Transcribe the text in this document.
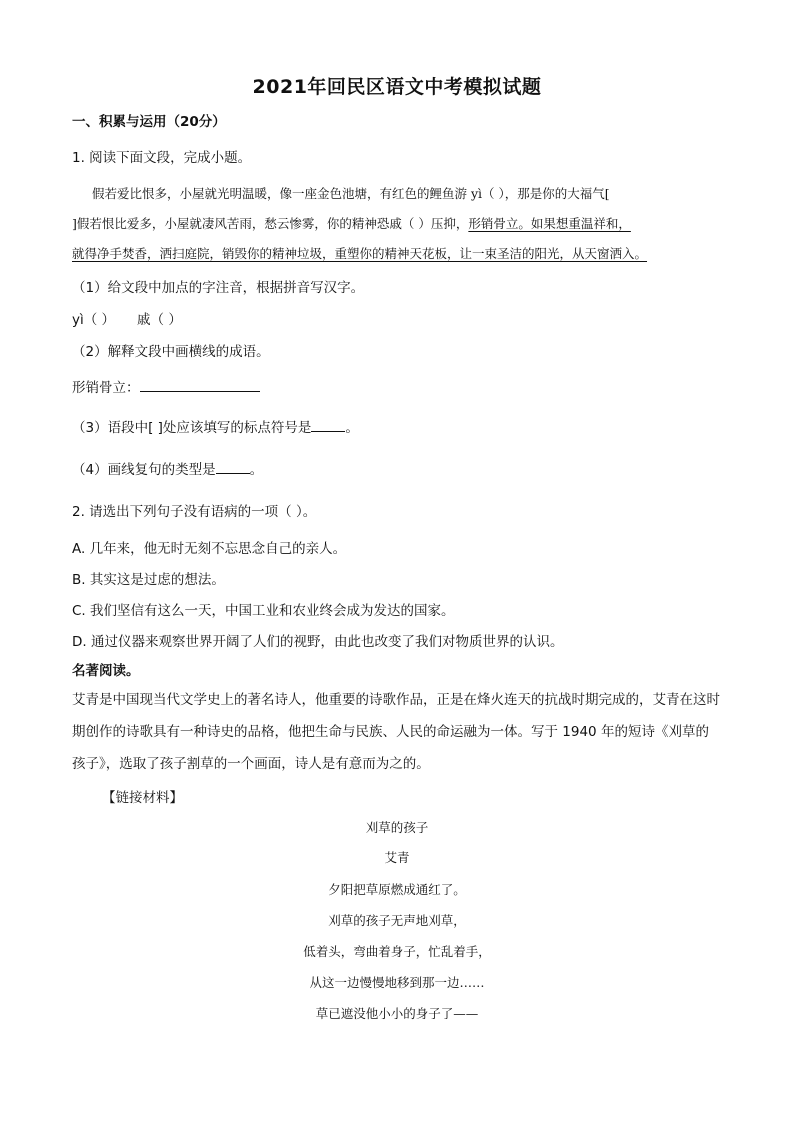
2021年回民区语文中考模拟试题
一、积累与运用（20分）
1. 阅读下面文段，完成小题。
假若爱比恨多，小屋就光明温暖，像一座金色池塘，有红色的鲤鱼游 yì（ ），那是你的大福气[
]假若恨比爱多，小屋就凄风苦雨，愁云惨雾，你的精神恐戚（ ）压抑，形销骨立。如果想重温祥和，
就得净手焚香，洒扫庭院，销毁你的精神垃圾，重塑你的精神天花板，让一束圣洁的阳光，从天窗洒入。
（1）给文段中加点的字注音，根据拼音写汉字。
yì（ ） 戚（ ）
（2）解释文段中画横线的成语。
形销骨立：
（3）语段中[ ]处应该填写的标点符号是	。
（4）画线复句的类型是	。
2. 请选出下列句子没有语病的一项（ ）。
A. 几年来，他无时无刻不忘思念自己的亲人。
B. 其实这是过虑的想法。
C. 我们坚信有这么一天，中国工业和农业终会成为发达的国家。
D. 通过仪器来观察世界开阔了人们的视野，由此也改变了我们对物质世界的认识。
名著阅读。
艾青是中国现当代文学史上的著名诗人，他重要的诗歌作品，正是在烽火连天的抗战时期完成的，艾青在这时期创作的诗歌具有一种诗史的品格，他把生命与民族、人民的命运融为一体。写于 1940 年的短诗《刈草的孩子》，选取了孩子割草的一个画面，诗人是有意而为之的。
【链接材料】
刈草的孩子
艾青
夕阳把草原燃成通红了。
刈草的孩子无声地刈草，
低着头，弯曲着身子，忙乱着手，
从这一边慢慢地移到那一边……
草已遮没他小小的身子了——
